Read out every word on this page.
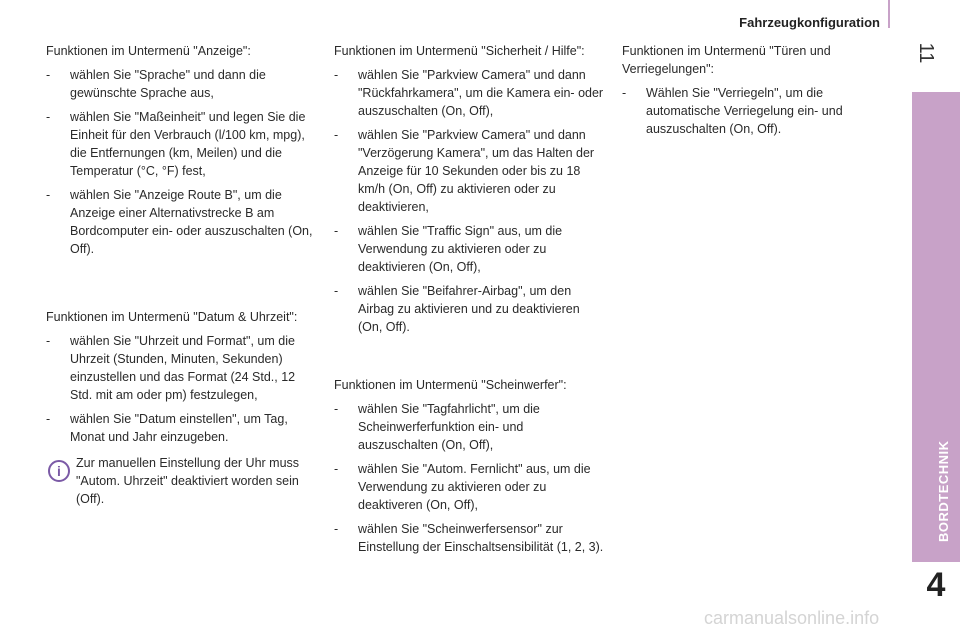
Fahrzeugkonfiguration
11
BORDTECHNIK
4

Funktionen im Untermenü "Anzeige":

- wählen Sie "Sprache" und dann die gewünschte Sprache aus,
- wählen Sie "Maßeinheit" und legen Sie die Einheit für den Verbrauch (l/100 km, mpg), die Entfernungen (km, Meilen) und die Temperatur (°C, °F) fest,
- wählen Sie "Anzeige Route B", um die Anzeige einer Alternativstrecke B am Bordcomputer ein- oder auszuschalten (On, Off).

Funktionen im Untermenü "Datum & Uhrzeit":

- wählen Sie "Uhrzeit und Format", um die Uhrzeit (Stunden, Minuten, Sekunden) einzustellen und das Format (24 Std., 12 Std. mit am oder pm) festzulegen,
- wählen Sie "Datum einstellen", um Tag, Monat und Jahr einzugeben.
i	Zur manuellen Einstellung der Uhr muss "Autom. Uhrzeit" deaktiviert worden sein (Off).

Funktionen im Untermenü "Sicherheit / Hilfe":

- wählen Sie "Parkview Camera" und dann "Rückfahrkamera", um die Kamera ein- oder auszuschalten (On, Off),
- wählen Sie "Parkview Camera" und dann "Verzögerung Kamera", um das Halten der Anzeige für 10 Sekunden oder bis zu 18 km/h (On, Off) zu aktivieren oder zu deaktivieren,
- wählen Sie "Traffic Sign" aus, um die Verwendung zu aktivieren oder zu deaktivieren (On, Off),
- wählen Sie "Beifahrer-Airbag", um den Airbag zu aktivieren und zu deaktivieren (On, Off).

Funktionen im Untermenü "Scheinwerfer":

- wählen Sie "Tagfahrlicht", um die Scheinwerferfunktion ein- und auszuschalten (On, Off),
- wählen Sie "Autom. Fernlicht" aus, um die Verwendung zu aktivieren oder zu deaktiveren (On, Off),
- wählen Sie "Scheinwerfersensor" zur Einstellung der Einschaltsensibilität (1, 2, 3).

Funktionen im Untermenü "Türen und Verriegelungen":

- Wählen Sie "Verriegeln", um die automatische Verriegelung ein- und auszuschalten (On, Off).
carmanualsonline.info
